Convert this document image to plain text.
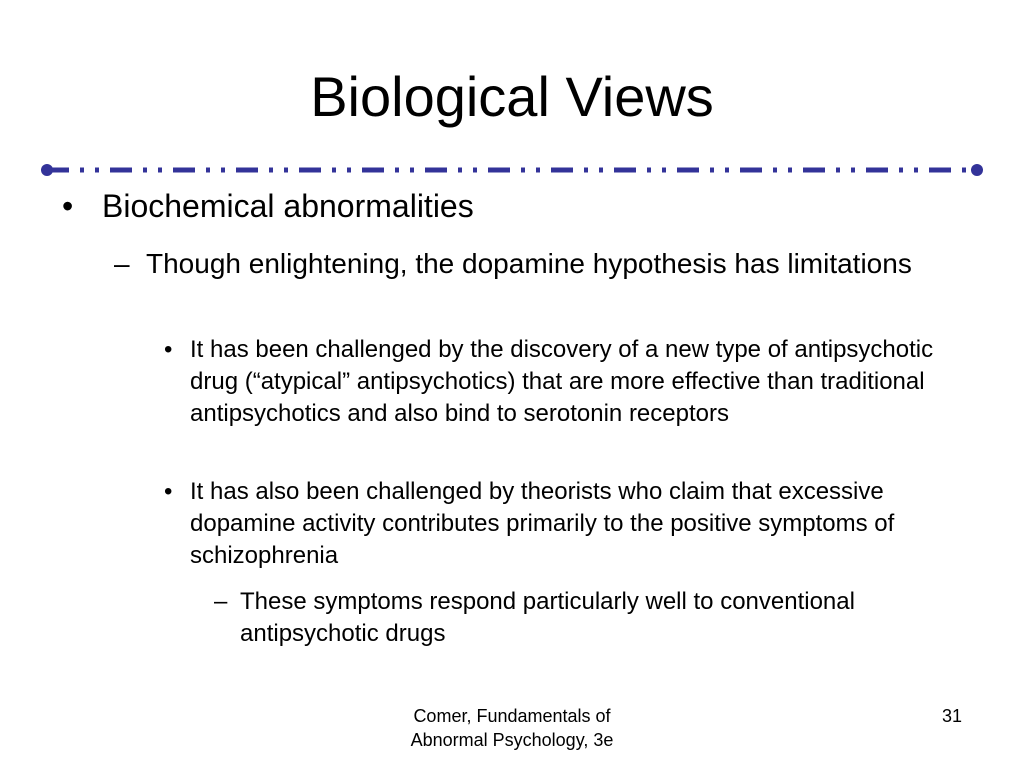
Biological Views
• Biochemical abnormalities
– Though enlightening, the dopamine hypothesis has limitations
• It has been challenged by the discovery of a new type of antipsychotic drug (“atypical” antipsychotics) that are more effective than traditional antipsychotics and also bind to serotonin receptors
• It has also been challenged by theorists who claim that excessive dopamine activity contributes primarily to the positive symptoms of schizophrenia
– These symptoms respond particularly well to conventional antipsychotic drugs
Comer, Fundamentals of
Abnormal Psychology, 3e
31
